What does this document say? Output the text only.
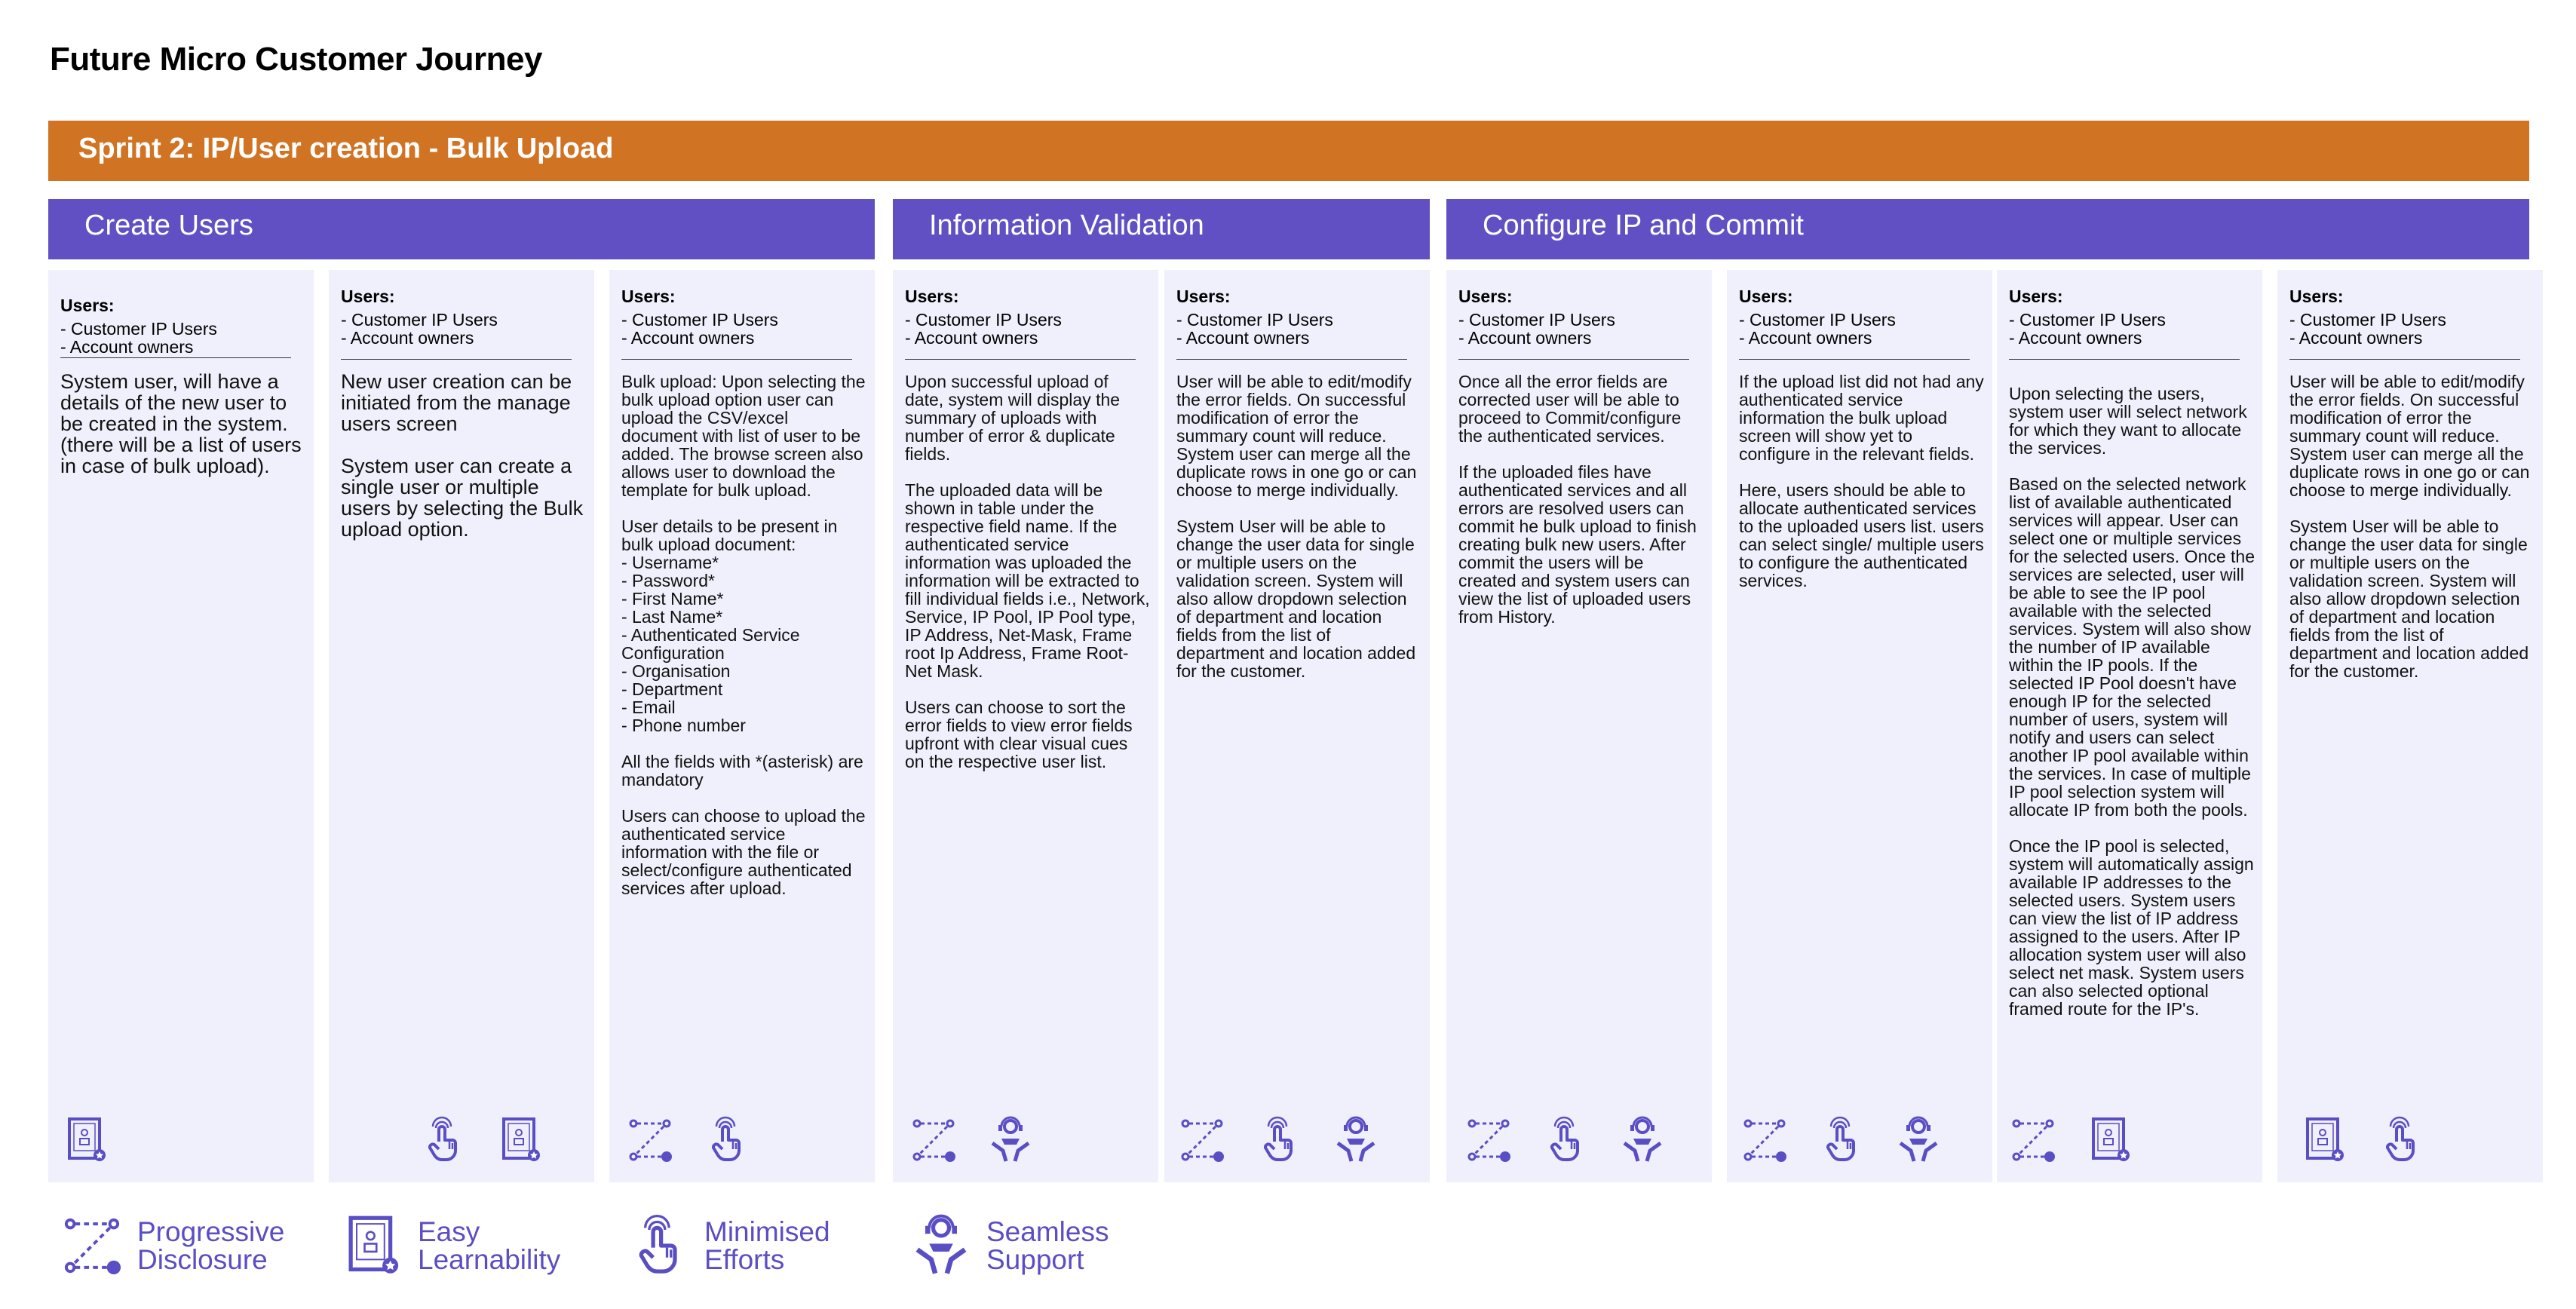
Future Micro Customer Journey
Sprint 2: IP/User creation - Bulk Upload
Create Users	Information Validation	Configure IP and Commit
Users:
- Customer IP Users
- Account owners
System user, will have a details of the new user to be created in the system. (there will be a list of users in case of bulk upload).
Users:
- Customer IP Users
- Account owners
New user creation can be initiated from the manage users screen

System user can create a single user or multiple users by selecting the Bulk upload option.
Users:
- Customer IP Users
- Account owners
Bulk upload: Upon selecting the bulk upload option user can upload the CSV/excel document with list of user to be added. The browse screen also allows user to download the template for bulk upload.

User details to be present in bulk upload document:
- Username*
- Password*
- First Name*
- Last Name*
- Authenticated Service Configuration
- Organisation
- Department
- Email
- Phone number

All the fields with *(asterisk) are mandatory

Users can choose to upload the authenticated service information with the file or select/configure authenticated services after upload.
Users:
- Customer IP Users
- Account owners
Upon successful upload of date, system will display the summary of uploads with number of error & duplicate fields.

The uploaded data will be shown in table under the respective field name. If the authenticated service information was uploaded the information will be extracted to fill individual fields i.e., Network, Service, IP Pool, IP Pool type, IP Address, Net-Mask, Frame root Ip Address, Frame Root-Net Mask.

Users can choose to sort the error fields to view error fields upfront with clear visual cues on the respective user list.
Users:
- Customer IP Users
- Account owners
User will be able to edit/modify the error fields. On successful modification of error the summary count will reduce. System user can merge all the duplicate rows in one go or can choose to merge individually.

System User will be able to change the user data for single or multiple users on the validation screen. System will also allow dropdown selection of department and location fields from the list of department and location added for the customer.
Users:
- Customer IP Users
- Account owners
Once all the error fields are corrected user will be able to proceed to Commit/configure the authenticated services.

If the uploaded files have authenticated services and all errors are resolved users can commit he bulk upload to finish creating bulk new users. After commit the users will be created and system users can view the list of uploaded users from History.
Users:
- Customer IP Users
- Account owners
If the upload list did not had any authenticated service information the bulk upload screen will show yet to configure in the relevant fields.

Here, users should be able to allocate authenticated services to the uploaded users list. users can select single/ multiple users to configure the authenticated services.
Users:
- Customer IP Users
- Account owners
Upon selecting the users, system user will select network for which they want to allocate the services.

Based on the selected network list of available authenticated services will appear. User can select one or multiple services for the selected users. Once the services are selected, user will be able to see the IP pool available with the selected services. System will also show the number of IP available within the IP pools. If the selected IP Pool doesn't have enough IP for the selected number of users, system will notify and users can select another IP pool available within the services. In case of multiple IP pool selection system will allocate IP from both the pools.

Once the IP pool is selected, system will automatically assign available IP addresses to the selected users. System users can view the list of IP address assigned to the users. After IP allocation system user will also select net mask. System users can also selected optional framed route for the IP's.
Users:
- Customer IP Users
- Account owners
User will be able to edit/modify the error fields. On successful modification of error the summary count will reduce. System user can merge all the duplicate rows in one go or can choose to merge individually.

System User will be able to change the user data for single or multiple users on the validation screen. System will also allow dropdown selection of department and location fields from the list of department and location added for the customer.
Progressive
Disclosure
Easy
Learnability
Minimised
Efforts
Seamless
Support
